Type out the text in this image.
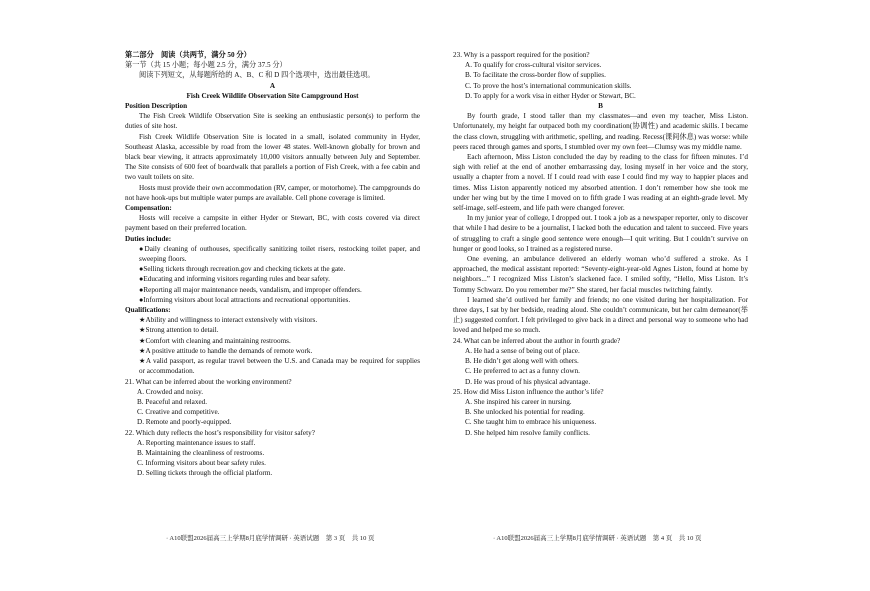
第二部分　阅读（共两节，满分 50 分）

第一节（共 15 小题；每小题 2.5 分，满分 37.5 分）

阅读下列短文，从每题所给的 A、B、C 和 D 四个选项中，选出最佳选项。

A

Fish Creek Wildlife Observation Site Campground Host

Position Description

The Fish Creek Wildlife Observation Site is seeking an enthusiastic person(s) to perform the duties of site host.

Fish Creek Wildlife Observation Site is located in a small, isolated community in Hyder, Southeast Alaska, accessible by road from the lower 48 states. Well-known globally for brown and black bear viewing, it attracts approximately 10,000 visitors annually between July and September. The Site consists of 600 feet of boardwalk that parallels a portion of Fish Creek, with a fee cabin and two vault toilets on site.

Hosts must provide their own accommodation (RV, camper, or motorhome). The campgrounds do not have hook-ups but multiple water pumps are available. Cell phone coverage is limited.

Compensation:

Hosts will receive a campsite in either Hyder or Stewart, BC, with costs covered via direct payment based on their preferred location.

Duties include:

●Daily cleaning of outhouses, specifically sanitizing toilet risers, restocking toilet paper, and sweeping floors.

●Selling tickets through recreation.gov and checking tickets at the gate.

●Educating and informing visitors regarding rules and bear safety.

●Reporting all major maintenance needs, vandalism, and improper offenders.

●Informing visitors about local attractions and recreational opportunities.

Qualifications:

★Ability and willingness to interact extensively with visitors.

★Strong attention to detail.

★Comfort with cleaning and maintaining restrooms.

★A positive attitude to handle the demands of remote work.

★A valid passport, as regular travel between the U.S. and Canada may be required for supplies or accommodation.

21. What can be inferred about the working environment?

A. Crowded and noisy.

B. Peaceful and relaxed.

C. Creative and competitive.

D. Remote and poorly-equipped.

22. Which duty reflects the host’s responsibility for visitor safety?

A. Reporting maintenance issues to staff.

B. Maintaining the cleanliness of restrooms.

C. Informing visitors about bear safety rules.

D. Selling tickets through the official platform.

23. Why is a passport required for the position?

A. To qualify for cross-cultural visitor services.

B. To facilitate the cross-border flow of supplies.

C. To prove the host’s international communication skills.

D. To apply for a work visa in either Hyder or Stewart, BC.

B

By fourth grade, I stood taller than my classmates—and even my teacher, Miss Liston. Unfortunately, my height far outpaced both my coordination(协调性) and academic skills. I became the class clown, struggling with arithmetic, spelling, and reading. Recess(课间休息) was worse: while peers raced through games and sports, I stumbled over my own feet—Clumsy was my middle name.

Each afternoon, Miss Liston concluded the day by reading to the class for fifteen minutes. I’d sigh with relief at the end of another embarrassing day, losing myself in her voice and the story, usually a chapter from a novel. If I could read with ease I could find my way to happier places and times. Miss Liston apparently noticed my absorbed attention. I don’t remember how she took me under her wing but by the time I moved on to fifth grade I was reading at an eighth-grade level. My self-image, self-esteem, and life path were changed forever.

In my junior year of college, I dropped out. I took a job as a newspaper reporter, only to discover that while I had desire to be a journalist, I lacked both the education and talent to succeed. Five years of struggling to craft a single good sentence were enough—I quit writing. But I couldn’t survive on hunger or good looks, so I trained as a registered nurse.

One evening, an ambulance delivered an elderly woman who’d suffered a stroke. As I approached, the medical assistant reported: “Seventy-eight-year-old Agnes Liston, found at home by neighbors...” I recognized Miss Liston’s slackened face. I smiled softly, “Hello, Miss Liston. It’s Tommy Schwarz. Do you remember me?” She stared, her facial muscles twitching faintly.

I learned she’d outlived her family and friends; no one visited during her hospitalization. For three days, I sat by her bedside, reading aloud. She couldn’t communicate, but her calm demeanor(举止) suggested comfort. I felt privileged to give back in a direct and personal way to someone who had loved and helped me so much.

24. What can be inferred about the author in fourth grade?

A. He had a sense of being out of place.

B. He didn’t get along well with others.

C. He preferred to act as a funny clown.

D. He was proud of his physical advantage.

25. How did Miss Liston influence the author’s life?

A. She inspired his career in nursing.

B. She unlocked his potential for reading.

C. She taught him to embrace his uniqueness.

D. She helped him resolve family conflicts.

· A10联盟2026届高三上学期8月底学情调研 · 英语试题　第 3 页　共 10 页	· A10联盟2026届高三上学期8月底学情调研 · 英语试题　第 4 页　共 10 页
